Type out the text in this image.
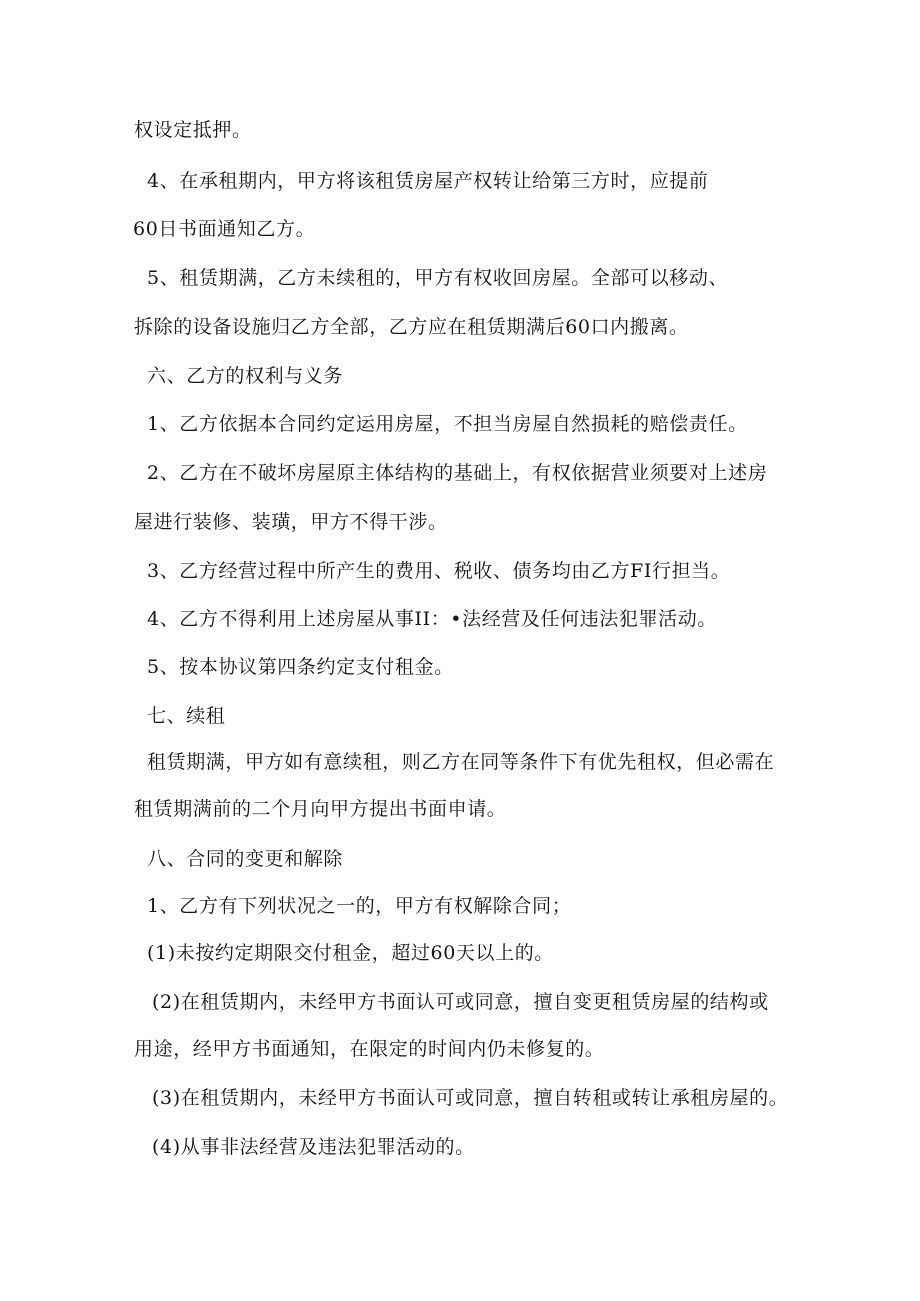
权设定抵押。
4、在承租期内，甲方将该租赁房屋产权转让给第三方时，应提前
60日书面通知乙方。
5、租赁期满，乙方未续租的，甲方有权收回房屋。全部可以移动、
拆除的设备设施归乙方全部，乙方应在租赁期满后60口内搬离。
六、乙方的权利与义务
1、乙方依据本合同约定运用房屋，不担当房屋自然损耗的赔偿责任。
2、乙方在不破坏房屋原主体结构的基础上，有权依据营业须要对上述房
屋进行装修、装璜，甲方不得干涉。
3、乙方经营过程中所产生的费用、税收、债务均由乙方FI行担当。
4、乙方不得利用上述房屋从事II：•法经营及任何违法犯罪活动。
5、按本协议第四条约定支付租金。
七、续租
租赁期满，甲方如有意续租，则乙方在同等条件下有优先租权，但必需在
租赁期满前的二个月向甲方提出书面申请。
八、合同的变更和解除
1、乙方有下列状况之一的，甲方有权解除合同；
(1)未按约定期限交付租金，超过60天以上的。
(2)在租赁期内，未经甲方书面认可或同意，擅自变更租赁房屋的结构或
用途，经甲方书面通知，在限定的时间内仍未修复的。
(3)在租赁期内，未经甲方书面认可或同意，擅自转租或转让承租房屋的。
(4)从事非法经营及违法犯罪活动的。
